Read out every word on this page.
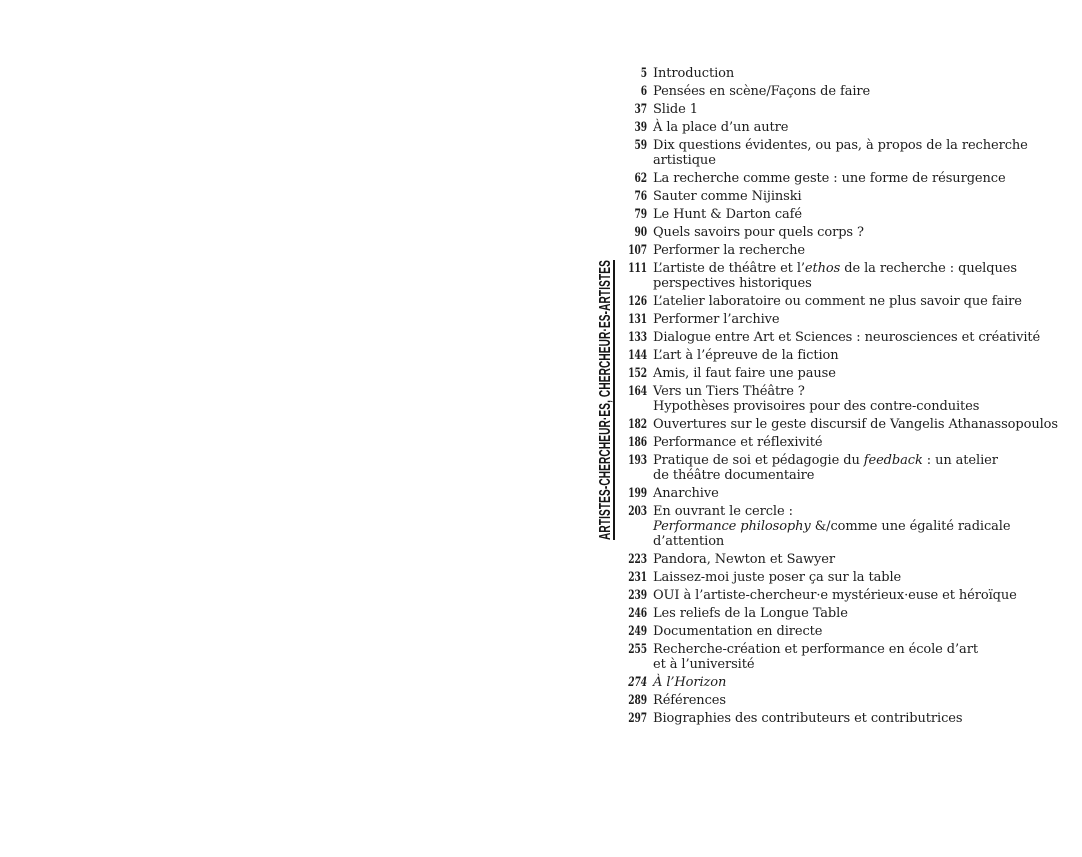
ARTISTES-CHERCHEUR·ES, CHERCHEUR·ES-ARTISTES
5 Introduction
6 Pensées en scène/Façons de faire
37 Slide 1
39 À la place d’un autre
59 Dix questions évidentes, ou pas, à propos de la recherche
artistique
62 La recherche comme geste : une forme de résurgence
76 Sauter comme Nijinski
79 Le Hunt & Darton café
90 Quels savoirs pour quels corps ?
107 Performer la recherche
111 L’artiste de théâtre et l’ethos de la recherche : quelques
perspectives historiques
126 L’atelier laboratoire ou comment ne plus savoir que faire
131 Performer l’archive
133 Dialogue entre Art et Sciences : neurosciences et créativité
144 L’art à l’épreuve de la fiction
152 Amis, il faut faire une pause
164 Vers un Tiers Théâtre ?
Hypothèses provisoires pour des contre-conduites
182 Ouvertures sur le geste discursif de Vangelis Athanassopoulos
186 Performance et réflexivité
193 Pratique de soi et pédagogie du feedback : un atelier
de théâtre documentaire
199 Anarchive
203 En ouvrant le cercle :
Performance philosophy &/comme une égalité radicale
d’attention
223 Pandora, Newton et Sawyer
231 Laissez-moi juste poser ça sur la table
239 OUI à l’artiste-chercheur·e mystérieux·euse et héroïque
246 Les reliefs de la Longue Table
249 Documentation en directe
255 Recherche-création et performance en école d’art
et à l’université
274 À l’Horizon
289 Références
297 Biographies des contributeurs et contributrices
